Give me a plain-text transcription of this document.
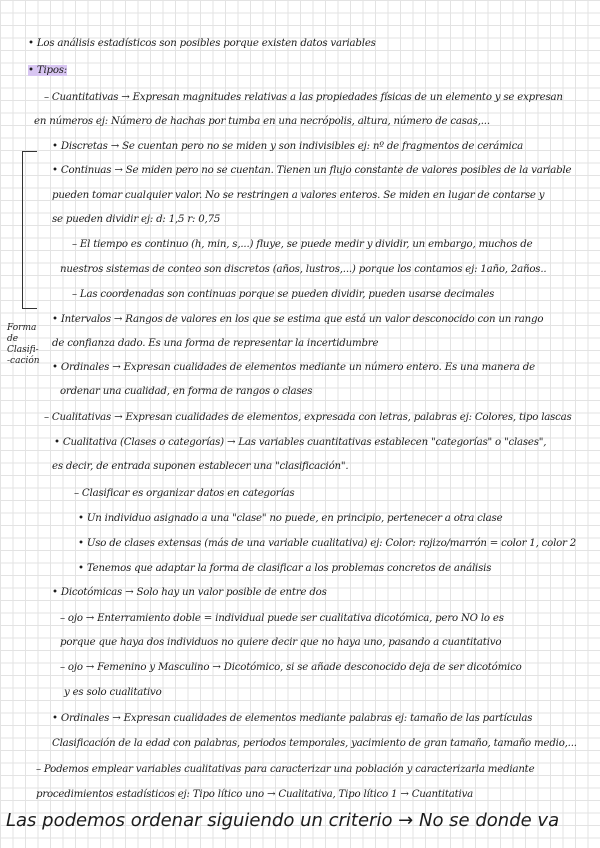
Forma
de
Clasifi-
-cación
• Los análisis estadísticos son posibles porque existen datos variables
• Tipos:
– Cuantitativas → Expresan magnitudes relativas a las propiedades físicas de un elemento y se expresan
en números ej: Número de hachas por tumba en una necrópolis, altura, número de casas,...
• Discretas → Se cuentan pero no se miden y son indivisibles ej: nº de fragmentos de cerámica
• Continuas → Se miden pero no se cuentan. Tienen un flujo constante de valores posibles de la variable
pueden tomar cualquier valor. No se restringen a valores enteros. Se miden en lugar de contarse y
se pueden dividir ej: d: 1,5 r: 0,75
– El tiempo es continuo (h, min, s,...) fluye, se puede medir y dividir, un embargo, muchos de
nuestros sistemas de conteo son discretos (años, lustros,...) porque los contamos ej: 1año, 2años..
– Las coordenadas son continuas porque se pueden dividir, pueden usarse decimales
• Intervalos → Rangos de valores en los que se estima que está un valor desconocido con un rango
de confianza dado. Es una forma de representar la incertidumbre
• Ordinales → Expresan cualidades de elementos mediante un número entero. Es una manera de
ordenar una cualidad, en forma de rangos o clases
– Cualitativas → Expresan cualidades de elementos, expresada con letras, palabras ej: Colores, tipo lascas
• Cualitativa (Clases o categorías) → Las variables cuantitativas establecen "categorías" o "clases",
es decir, de entrada suponen establecer una "clasificación".
– Clasificar es organizar datos en categorías
• Un individuo asignado a una "clase" no puede, en principio, pertenecer a otra clase
• Uso de clases extensas (más de una variable cualitativa) ej: Color: rojizo/marrón = color 1, color 2
• Tenemos que adaptar la forma de clasificar a los problemas concretos de análisis
• Dicotómicas → Solo hay un valor posible de entre dos
– ojo → Enterramiento doble = individual puede ser cualitativa dicotómica, pero NO lo es
porque que haya dos individuos no quiere decir que no haya uno, pasando a cuantitativo
– ojo → Femenino y Masculino → Dicotómico, si se añade desconocido deja de ser dicotómico
y es solo cualitativo
• Ordinales → Expresan cualidades de elementos mediante palabras ej: tamaño de las partículas
Clasificación de la edad con palabras, periodos temporales, yacimiento de gran tamaño, tamaño medio,...
– Podemos emplear variables cualitativas para caracterizar una población y caracterizarla mediante
procedimientos estadísticos ej: Tipo lítico uno → Cualitativa, Tipo lítico 1 → Cuantitativa
Las podemos ordenar siguiendo un criterio → No se donde va
